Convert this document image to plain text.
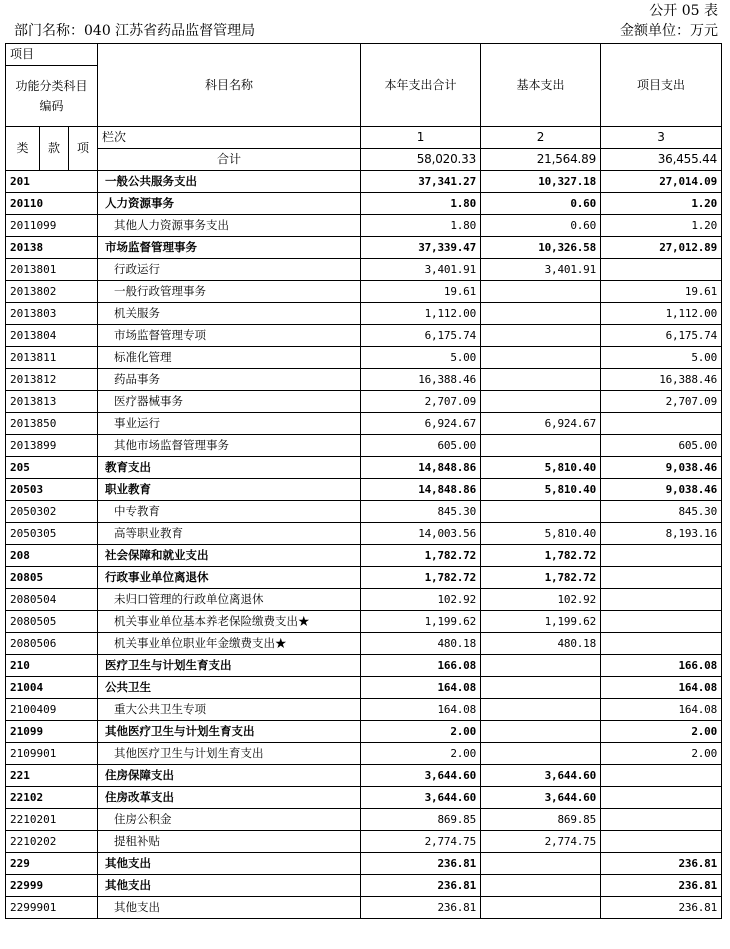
公开 05 表
部门名称：040 江苏省药品监督管理局	金额单位：万元
项目			科目名称	本年支出合计	基本支出	项目支出
功能分类科目编码						

类	款	项	栏次	1	2	3
			合计	58,020.33	21,564.89	36,455.44
201			一般公共服务支出	37,341.27	10,327.18	27,014.09
20110			人力资源事务	1.80	0.60	1.20
2011099			其他人力资源事务支出	1.80	0.60	1.20
20138			市场监督管理事务	37,339.47	10,326.58	27,012.89
2013801			行政运行	3,401.91	3,401.91	
2013802			一般行政管理事务	19.61		19.61
2013803			机关服务	1,112.00		1,112.00
2013804			市场监督管理专项	6,175.74		6,175.74
2013811			标准化管理	5.00		5.00
2013812			药品事务	16,388.46		16,388.46
2013813			医疗器械事务	2,707.09		2,707.09
2013850			事业运行	6,924.67	6,924.67	
2013899			其他市场监督管理事务	605.00		605.00
205			教育支出	14,848.86	5,810.40	9,038.46
20503			职业教育	14,848.86	5,810.40	9,038.46
2050302			中专教育	845.30		845.30
2050305			高等职业教育	14,003.56	5,810.40	8,193.16
208			社会保障和就业支出	1,782.72	1,782.72	
20805			行政事业单位离退休	1,782.72	1,782.72	
2080504			未归口管理的行政单位离退休	102.92	102.92	
2080505			机关事业单位基本养老保险缴费支出★	1,199.62	1,199.62	
2080506			机关事业单位职业年金缴费支出★	480.18	480.18	
210			医疗卫生与计划生育支出	166.08		166.08
21004			公共卫生	164.08		164.08
2100409			重大公共卫生专项	164.08		164.08
21099			其他医疗卫生与计划生育支出	2.00		2.00
2109901			其他医疗卫生与计划生育支出	2.00		2.00
221			住房保障支出	3,644.60	3,644.60	
22102			住房改革支出	3,644.60	3,644.60	
2210201			住房公积金	869.85	869.85	
2210202			提租补贴	2,774.75	2,774.75	
229			其他支出	236.81		236.81
22999			其他支出	236.81		236.81
2299901			其他支出	236.81		236.81
